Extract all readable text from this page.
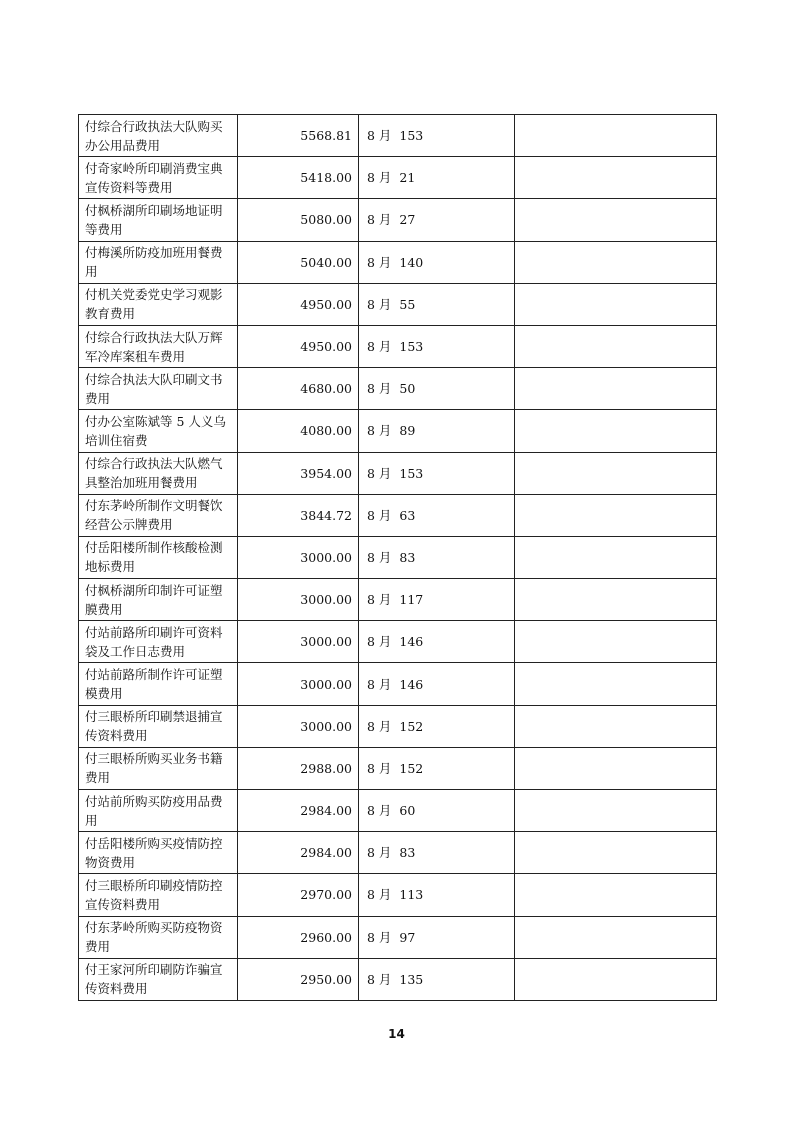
付综合行政执法大队购买办公用品费用	5568.81	8 月  153	
付奇家岭所印刷消费宝典宣传资料等费用	5418.00	8 月  21	
付枫桥湖所印刷场地证明等费用	5080.00	8 月  27	
付梅溪所防疫加班用餐费用	5040.00	8 月  140	
付机关党委党史学习观影教育费用	4950.00	8 月  55	
付综合行政执法大队万辉军冷库案租车费用	4950.00	8 月  153	
付综合执法大队印刷文书费用	4680.00	8 月  50	
付办公室陈斌等 5 人义乌培训住宿费	4080.00	8 月  89	
付综合行政执法大队燃气具整治加班用餐费用	3954.00	8 月  153	
付东茅岭所制作文明餐饮经营公示牌费用	3844.72	8 月  63	
付岳阳楼所制作核酸检测地标费用	3000.00	8 月  83	
付枫桥湖所印制许可证塑膜费用	3000.00	8 月  117	
付站前路所印刷许可资料袋及工作日志费用	3000.00	8 月  146	
付站前路所制作许可证塑模费用	3000.00	8 月  146	
付三眼桥所印刷禁退捕宣传资料费用	3000.00	8 月  152	
付三眼桥所购买业务书籍费用	2988.00	8 月  152	
付站前所购买防疫用品费用	2984.00	8 月  60	
付岳阳楼所购买疫情防控物资费用	2984.00	8 月  83	
付三眼桥所印刷疫情防控宣传资料费用	2970.00	8 月  113	
付东茅岭所购买防疫物资费用	2960.00	8 月  97	
付王家河所印刷防诈骗宣传资料费用	2950.00	8 月  135	
14
